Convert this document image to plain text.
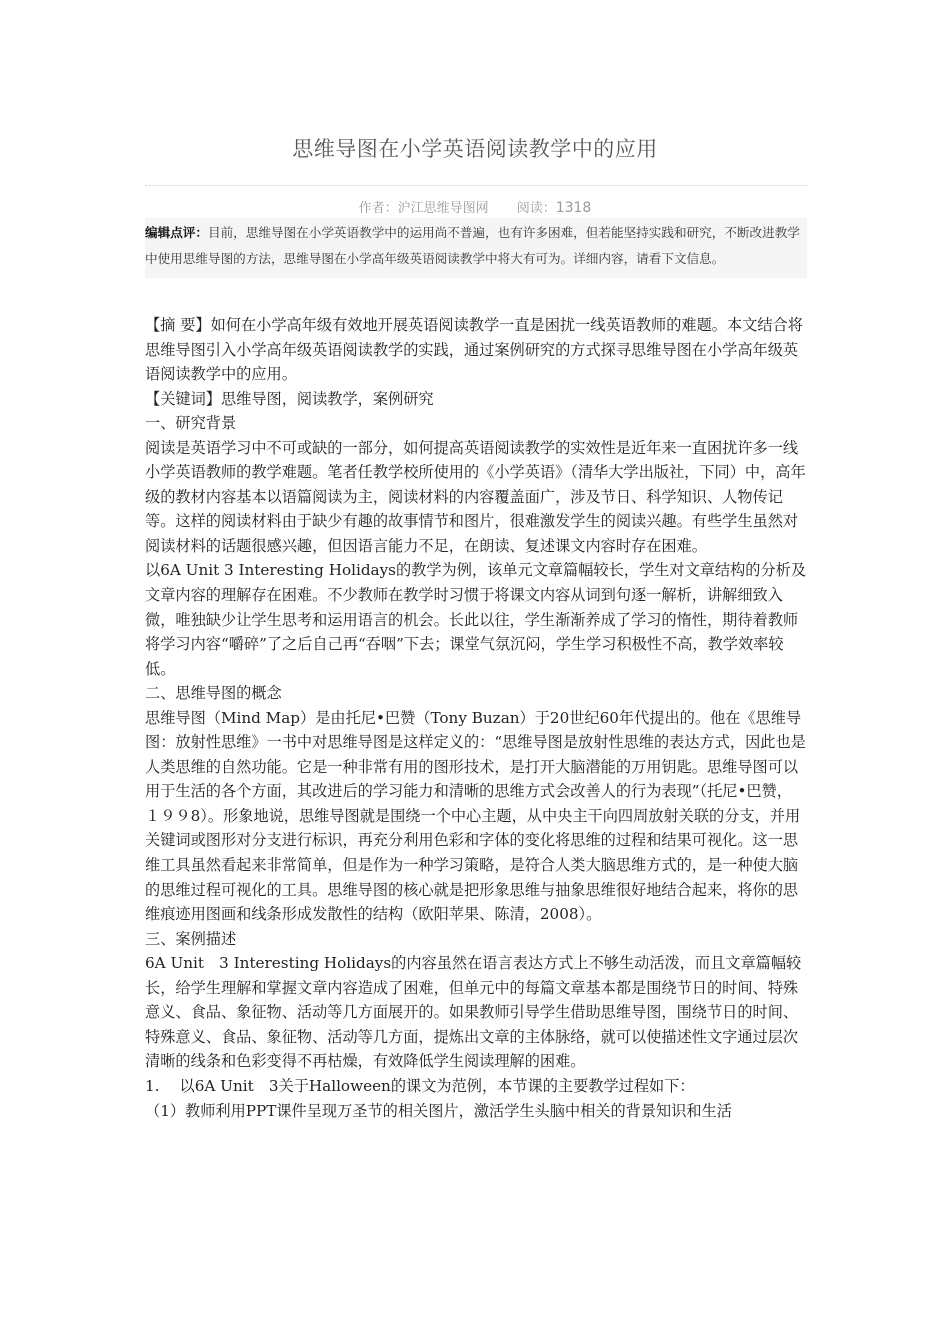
思维导图在小学英语阅读教学中的应用
作者：沪江思维导图网 阅读：1318
编辑点评：目前，思维导图在小学英语教学中的运用尚不普遍，也有许多困难，但若能坚持实践和研究，不断改进教学中使用思维导图的方法，思维导图在小学高年级英语阅读教学中将大有可为。详细内容，请看下文信息。

【摘 要】如何在小学高年级有效地开展英语阅读教学一直是困扰一线英语教师的难题。本文结合将思维导图引入小学高年级英语阅读教学的实践，通过案例研究的方式探寻思维导图在小学高年级英语阅读教学中的应用。

【关键词】思维导图，阅读教学，案例研究

一、研究背景

阅读是英语学习中不可或缺的一部分，如何提高英语阅读教学的实效性是近年来一直困扰许多一线小学英语教师的教学难题。笔者任教学校所使用的《小学英语》（清华大学出版社，下同）中，高年级的教材内容基本以语篇阅读为主，阅读材料的内容覆盖面广，涉及节日、科学知识、人物传记等。这样的阅读材料由于缺少有趣的故事情节和图片，很难激发学生的阅读兴趣。有些学生虽然对阅读材料的话题很感兴趣，但因语言能力不足，在朗读、复述课文内容时存在困难。

以6A Unit 3 Interesting Holidays的教学为例，该单元文章篇幅较长，学生对文章结构的分析及文章内容的理解存在困难。不少教师在教学时习惯于将课文内容从词到句逐一解析，讲解细致入微，唯独缺少让学生思考和运用语言的机会。长此以往，学生渐渐养成了学习的惰性，期待着教师将学习内容“嚼碎”了之后自己再“吞咽”下去；课堂气氛沉闷，学生学习积极性不高，教学效率较低。

二、思维导图的概念

思维导图（Mind Map）是由托尼•巴赞（Tony Buzan）于20世纪60年代提出的。他在《思维导图：放射性思维》一书中对思维导图是这样定义的：“思维导图是放射性思维的表达方式，因此也是人类思维的自然功能。它是一种非常有用的图形技术，是打开大脑潜能的万用钥匙。思维导图可以用于生活的各个方面，其改进后的学习能力和清晰的思维方式会改善人的行为表现”（托尼•巴赞，１９９8）。形象地说，思维导图就是围绕一个中心主题，从中央主干向四周放射关联的分支，并用关键词或图形对分支进行标识，再充分利用色彩和字体的变化将思维的过程和结果可视化。这一思维工具虽然看起来非常简单，但是作为一种学习策略，是符合人类大脑思维方式的，是一种使大脑的思维过程可视化的工具。思维导图的核心就是把形象思维与抽象思维很好地结合起来，将你的思维痕迹用图画和线条形成发散性的结构（欧阳苹果、陈清，2008）。

三、案例描述

6A Unit　3 Interesting Holidays的内容虽然在语言表达方式上不够生动活泼，而且文章篇幅较长，给学生理解和掌握文章内容造成了困难，但单元中的每篇文章基本都是围绕节日的时间、特殊意义、食品、象征物、活动等几方面展开的。如果教师引导学生借助思维导图，围绕节日的时间、特殊意义、食品、象征物、活动等几方面，提炼出文章的主体脉络，就可以使描述性文字通过层次清晰的线条和色彩变得不再枯燥，有效降低学生阅读理解的困难。

1.　 以6A Unit　3关于Halloween的课文为范例，本节课的主要教学过程如下：

（1）教师利用PPT课件呈现万圣节的相关图片，激活学生头脑中相关的背景知识和生活
